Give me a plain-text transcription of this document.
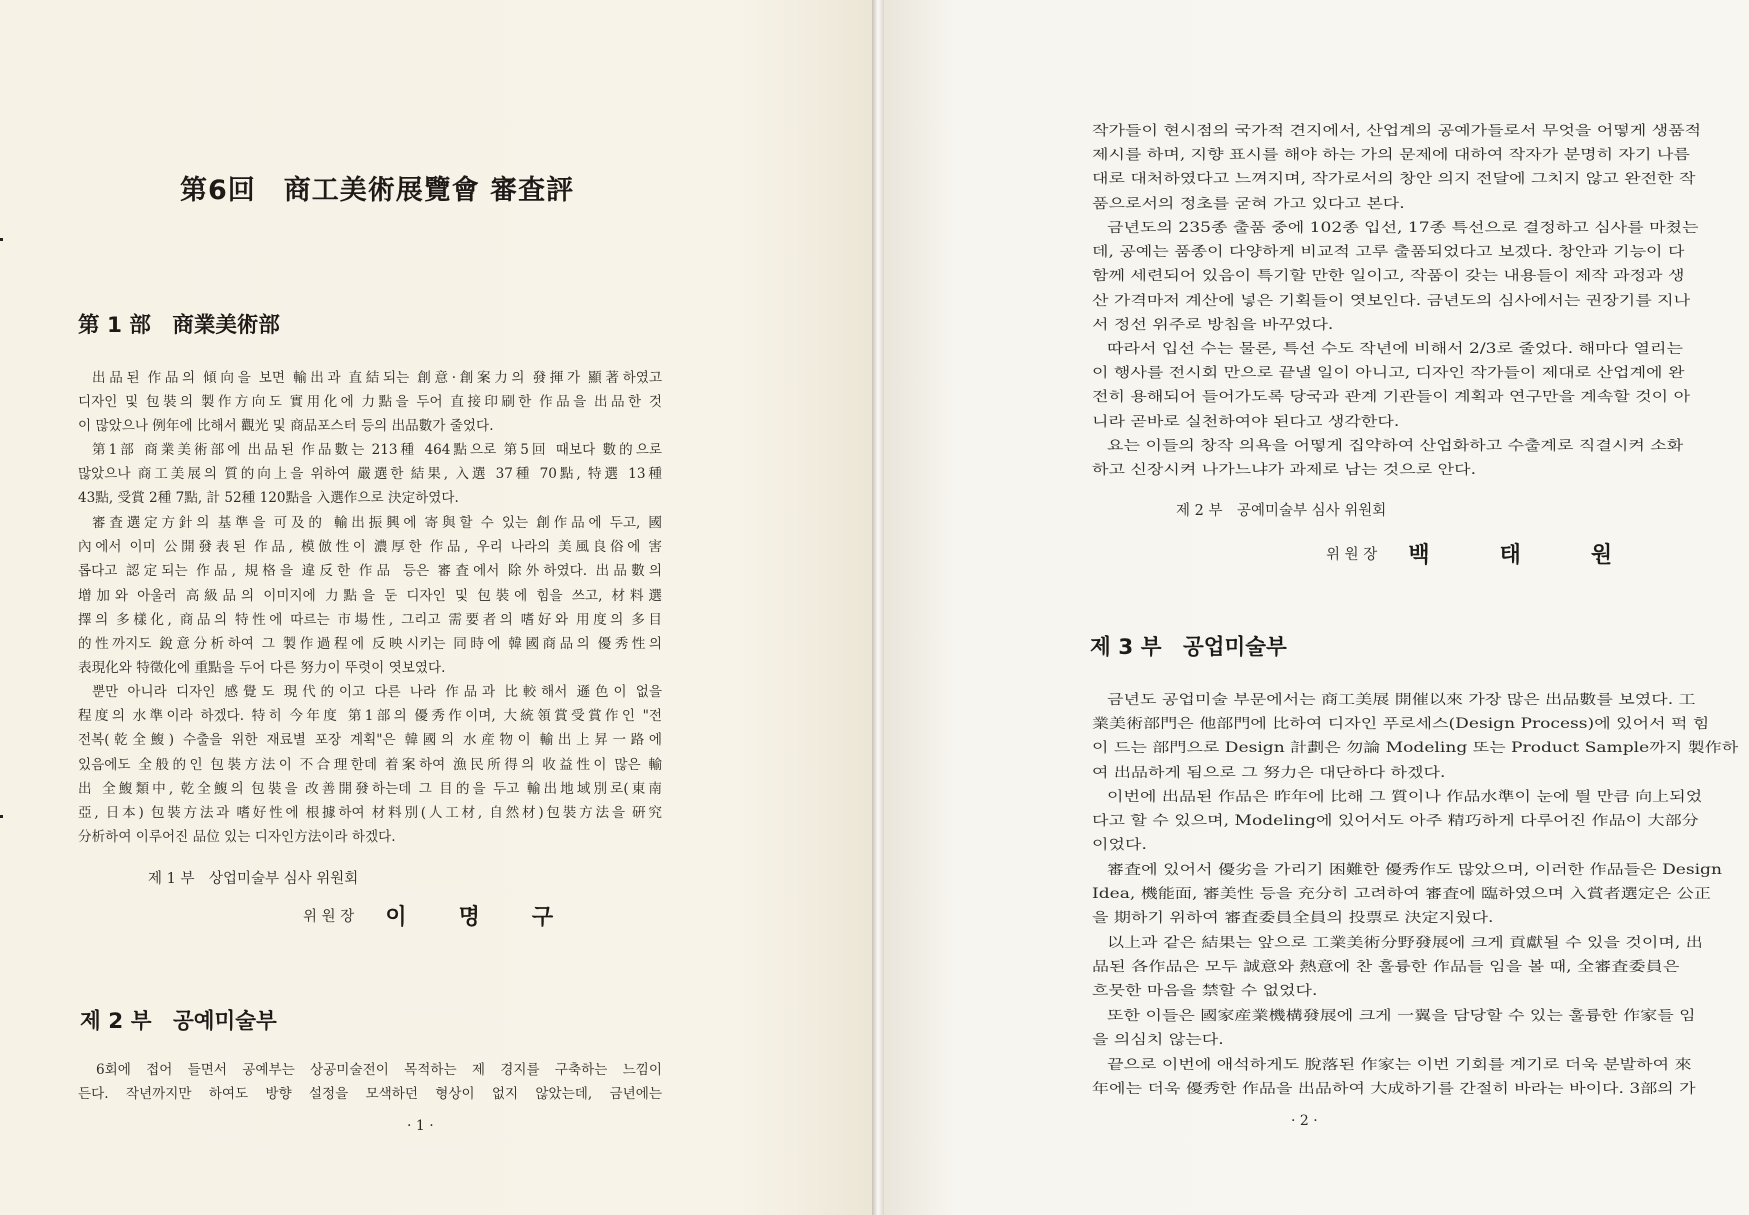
第6回　商工美術展覽會 審査評
第 1 部　商業美術部
出品된 作品의 傾向을 보면 輸出과 直結되는 創意·創案力의 發揮가 顯著하였고
디자인 및 包裝의 製作方向도 實用化에 力點을 두어 直接印刷한 作品을 出品한 것
이 많았으나 例年에 比해서 觀光 및 商品포스터 등의 出品數가 줄었다.
第1部 商業美術部에 出品된 作品數는 213種 464點으로 第5回 때보다 數的으로
많았으나 商工美展의 質的向上을 위하여 嚴選한 結果, 入選 37種 70點, 特選 13種
43點, 受賞 2種 7點, 計 52種 120點을 入選作으로 決定하였다.
審査選定方針의 基準을 可及的 輸出振興에 寄與할 수 있는 創作品에 두고, 國
內에서 이미 公開發表된 作品, 模倣性이 濃厚한 作品, 우리 나라의 美風良俗에 害
롭다고 認定되는 作品, 規格을 違反한 作品 등은 審査에서 除外하였다. 出品數의
增加와 아울러 高級品의 이미지에 力點을 둔 디자인 및 包裝에 힘을 쓰고, 材料選
擇의 多樣化, 商品의 特性에 따르는 市場性, 그리고 需要者의 嗜好와 用度의 多目
的性까지도 銳意分析하여 그 製作過程에 反映시키는 同時에 韓國商品의 優秀性의
表現化와 特徵化에 重點을 두어 다른 努力이 뚜렷이 엿보였다.
뿐만 아니라 디자인 感覺도 現代的이고 다른 나라 作品과 比較해서 遜色이 없을
程度의 水準이라 하겠다. 特히 今年度 第1部의 優秀作이며, 大統領賞受賞作인 "전
전복(乾全鰒) 수출을 위한 재료별 포장 계획"은 韓國의 水産物이 輸出上昇一路에
있음에도 全般的인 包裝方法이 不合理한데 着案하여 漁民所得의 收益性이 많은 輸
出 全鰒類中, 乾全鰒의 包裝을 改善開發하는데 그 目的을 두고 輸出地域別로(東南
亞, 日本) 包裝方法과 嗜好性에 根據하여 材料別(人工材, 自然材)包裝方法을 硏究
分析하여 이루어진 品位 있는 디자인方法이라 하겠다.

제 1 부　상업미술부 심사 위원회

위 원 장 이명구
제 2 부　공예미술부
6회에 접어 들면서 공예부는 상공미술전이 목적하는 제 경지를 구축하는 느낌이
든다. 작년까지만 하여도 방향 설정을 모색하던 형상이 없지 않았는데, 금년에는

· 1 ·

작가들이 현시점의 국가적 견지에서, 산업계의 공예가들로서 무엇을 어떻게 생품적
제시를 하며, 지향 표시를 해야 하는 가의 문제에 대하여 작자가 분명히 자기 나름
대로 대처하였다고 느껴지며, 작가로서의 창안 의지 전달에 그치지 않고 완전한 작
품으로서의 정초를 굳혀 가고 있다고 본다.
금년도의 235종 출품 중에 102종 입선, 17종 특선으로 결정하고 심사를 마쳤는
데, 공예는 품종이 다양하게 비교적 고루 출품되었다고 보겠다. 창안과 기능이 다
함께 세련되어 있음이 특기할 만한 일이고, 작품이 갖는 내용들이 제작 과정과 생
산 가격마저 계산에 넣은 기획들이 엿보인다. 금년도의 심사에서는 권장기를 지나
서 정선 위주로 방침을 바꾸었다.
따라서 입선 수는 물론, 특선 수도 작년에 비해서 2/3로 줄었다. 해마다 열리는
이 행사를 전시회 만으로 끝낼 일이 아니고, 디자인 작가들이 제대로 산업계에 완
전히 용해되어 들어가도록 당국과 관계 기관들이 계획과 연구만을 계속할 것이 아
니라 곧바로 실천하여야 된다고 생각한다.
요는 이들의 창작 의욕을 어떻게 집약하여 산업화하고 수출계로 직결시켜 소화
하고 신장시켜 나가느냐가 과제로 남는 것으로 안다.

제 2 부　공예미술부 심사 위원회

위 원 장 백태원
제 3 부　공업미술부
금년도 공업미술 부문에서는 商工美展 開催以來 가장 많은 出品數를 보였다. 工
業美術部門은 他部門에 比하여 디자인 푸로세스(Design Process)에 있어서 퍽 힘
이 드는 部門으로 Design 計劃은 勿論 Modeling 또는 Product Sample까지 製作하
여 出品하게 됨으로 그 努力은 대단하다 하겠다.
이번에 出品된 作品은 昨年에 比해 그 質이나 作品水準이 눈에 띌 만큼 向上되었
다고 할 수 있으며, Modeling에 있어서도 아주 精巧하게 다루어진 作品이 大部分
이었다.
審査에 있어서 優劣을 가리기 困難한 優秀作도 많았으며, 이러한 作品들은 Design
Idea, 機能面, 審美性 등을 充分히 고려하여 審査에 臨하였으며 入賞者選定은 公正
을 期하기 위하여 審査委員全員의 投票로 決定지웠다.
以上과 같은 結果는 앞으로 工業美術分野發展에 크게 貢獻될 수 있을 것이며, 出
品된 各作品은 모두 誠意와 熱意에 찬 훌륭한 作品들 임을 볼 때, 全審査委員은
흐뭇한 마음을 禁할 수 없었다.
또한 이들은 國家産業機構發展에 크게 一翼을 담당할 수 있는 훌륭한 作家들 임
을 의심치 않는다.
끝으로 이번에 애석하게도 脫落된 作家는 이번 기회를 계기로 더욱 분발하여 來
年에는 더욱 優秀한 作品을 出品하여 大成하기를 간절히 바라는 바이다. 3部의 가

· 2 ·
